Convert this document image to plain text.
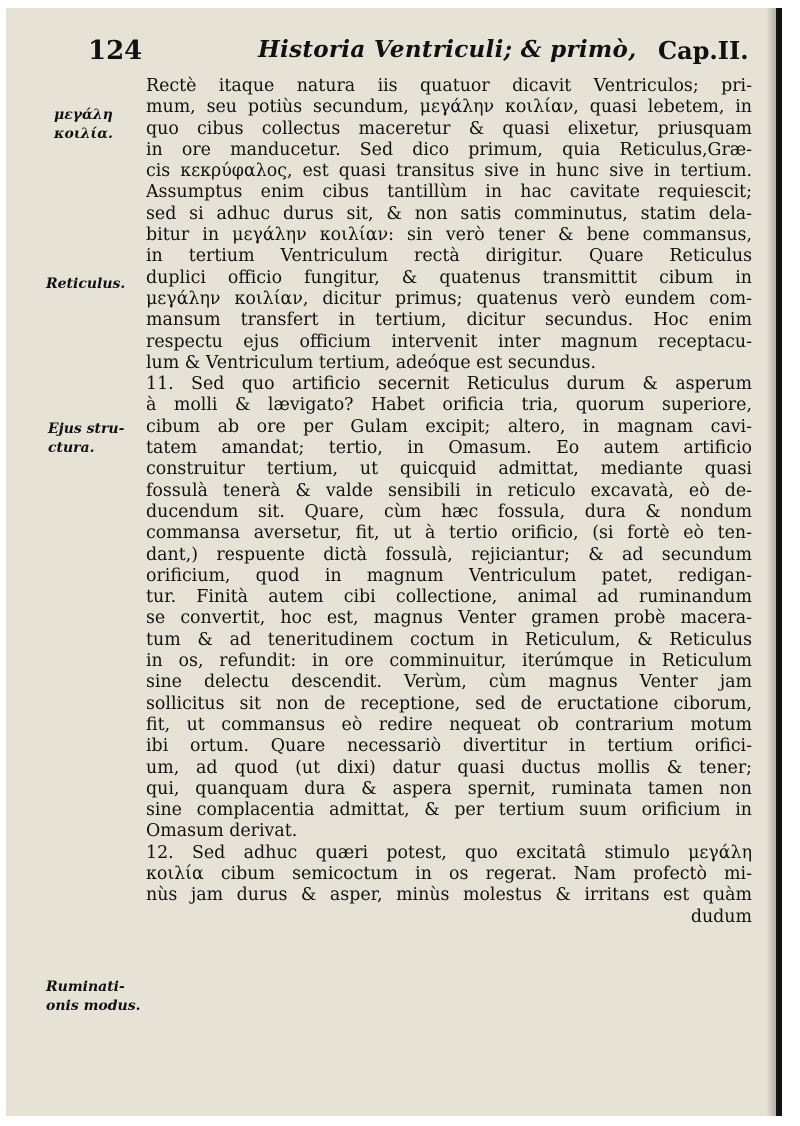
124	Historia Ventriculi; & primò, Cap.II.
μεγάλη
κοιλία.
Reticulus.
Ejus stru-
ctura.
Ruminati-
onis modus.
Rectè itaque natura iis quatuor dicavit Ventriculos; pri-
mum, seu potiùs secundum, μεγάλην κοιλίαν, quasi lebetem, in
quo cibus collectus maceretur & quasi elixetur, priusquam
in ore manducetur. Sed dico primum, quia Reticulus,Græ-
cis κεκρύφαλος, est quasi transitus sive in hunc sive in tertium.
Assumptus enim cibus tantillùm in hac cavitate requiescit;
sed si adhuc durus sit, & non satis comminutus, statim dela-
bitur in μεγάλην κοιλίαν: sin verò tener & bene commansus,
in tertium Ventriculum rectà dirigitur. Quare Reticulus
duplici officio fungitur, & quatenus transmittit cibum in
μεγάλην κοιλίαν, dicitur primus; quatenus verò eundem com-
mansum transfert in tertium, dicitur secundus. Hoc enim
respectu ejus officium intervenit inter magnum receptacu-
lum & Ventriculum tertium, adeóque est secundus.
11. Sed quo artificio secernit Reticulus durum & asperum
à molli & lævigato? Habet orificia tria, quorum superiore,
cibum ab ore per Gulam excipit; altero, in magnam cavi-
tatem amandat; tertio, in Omasum. Eo autem artificio
construitur tertium, ut quicquid admittat, mediante quasi
fossulà tenerà & valde sensibili in reticulo excavatà, eò de-
ducendum sit. Quare, cùm hæc fossula, dura & nondum
commansa aversetur, fit, ut à tertio orificio, (si fortè eò ten-
dant,) respuente dictà fossulà, rejiciantur; & ad secundum
orificium, quod in magnum Ventriculum patet, redigan-
tur. Finità autem cibi collectione, animal ad ruminandum
se convertit, hoc est, magnus Venter gramen probè macera-
tum & ad teneritudinem coctum in Reticulum, & Reticulus
in os, refundit: in ore comminuitur, iterúmque in Reticulum
sine delectu descendit. Verùm, cùm magnus Venter jam
sollicitus sit non de receptione, sed de eructatione ciborum,
fit, ut commansus eò redire nequeat ob contrarium motum
ibi ortum. Quare necessariò divertitur in tertium orifici-
um, ad quod (ut dixi) datur quasi ductus mollis & tener;
qui, quanquam dura & aspera spernit, ruminata tamen non
sine complacentia admittat, & per tertium suum orificium in
Omasum derivat.
12. Sed adhuc quæri potest, quo excitatâ stimulo μεγάλη
κοιλία cibum semicoctum in os regerat. Nam profectò mi-
nùs jam durus & asper, minùs molestus & irritans est quàm
dudum
